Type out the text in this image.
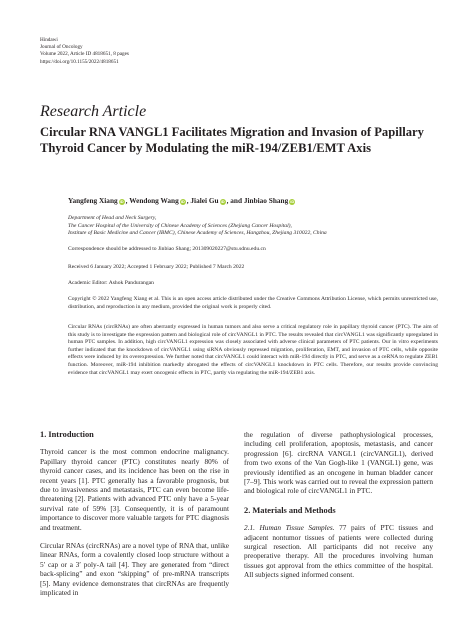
Hindawi
Journal of Oncology
Volume 2022, Article ID 4818651, 8 pages
https://doi.org/10.1155/2022/4818651
Research Article
Circular RNA VANGL1 Facilitates Migration and Invasion of Papillary Thyroid Cancer by Modulating the miR-194/ZEB1/EMT Axis
Yangfeng Xiang iD , Wendong Wang iD , Jialei Gu iD , and Jinbiao Shang iD
Department of Head and Neck Surgery,
The Cancer Hospital of the University of Chinese Academy of Sciences (Zhejiang Cancer Hospital),
Institute of Basic Medicine and Cancer (IBMC), Chinese Academy of Sciences, Hangzhou, Zhejiang 310022, China
Correspondence should be addressed to Jinbiao Shang; 201309020227@stu.sdnu.edu.cn
Received 6 January 2022; Accepted 1 February 2022; Published 7 March 2022
Academic Editor: Ashok Pandurangan
Copyright © 2022 Yangfeng Xiang et al. This is an open access article distributed under the Creative Commons Attribution License, which permits unrestricted use, distribution, and reproduction in any medium, provided the original work is properly cited.
Circular RNAs (circRNAs) are often aberrantly expressed in human tumors and also serve a critical regulatory role in papillary thyroid cancer (PTC). The aim of this study is to investigate the expression pattern and biological role of circVANGL1 in PTC. The results revealed that circVANGL1 was significantly upregulated in human PTC samples. In addition, high circVANGL1 expression was closely associated with adverse clinical parameters of PTC patients. Our in vitro experiments further indicated that the knockdown of circVANGL1 using siRNA obviously repressed migration, proliferation, EMT, and invasion of PTC cells, while opposite effects were induced by its overexpression. We further noted that circVANGL1 could interact with miR-194 directly in PTC, and serve as a ceRNA to regulate ZEB1 function. Moreover, miR-194 inhibition markedly abrogated the effects of circVANGL1 knockdown in PTC cells. Therefore, our results provide convincing evidence that circVANGL1 may exert oncogenic effects in PTC, partly via regulating the miR-194/ZEB1 axis.
1. Introduction

Thyroid cancer is the most common endocrine malignancy. Papillary thyroid cancer (PTC) constitutes nearly 80% of thyroid cancer cases, and its incidence has been on the rise in recent years [1]. PTC generally has a favorable prognosis, but due to invasiveness and metastasis, PTC can even become life-threatening [2]. Patients with advanced PTC only have a 5-year survival rate of 59% [3]. Consequently, it is of paramount importance to discover more valuable targets for PTC diagnosis and treatment.

Circular RNAs (circRNAs) are a novel type of RNA that, unlike linear RNAs, form a covalently closed loop structure without a 5′ cap or a 3′ poly-A tail [4]. They are generated from “direct back-splicing” and exon “skipping” of pre-mRNA transcripts [5]. Many evidence demonstrates that circRNAs are frequently implicated in

the regulation of diverse pathophysiological processes, including cell proliferation, apoptosis, metastasis, and cancer progression [6]. circRNA VANGL1 (circVANGL1), derived from two exons of the Van Gogh-like 1 (VANGL1) gene, was previously identified as an oncogene in human bladder cancer [7–9]. This work was carried out to reveal the expression pattern and biological role of circVANGL1 in PTC.

2. Materials and Methods

2.1. Human Tissue Samples. 77 pairs of PTC tissues and adjacent nontumor tissues of patients were collected during surgical resection. All participants did not receive any preoperative therapy. All the procedures involving human tissues got approval from the ethics committee of the hospital. All subjects signed informed consent.
